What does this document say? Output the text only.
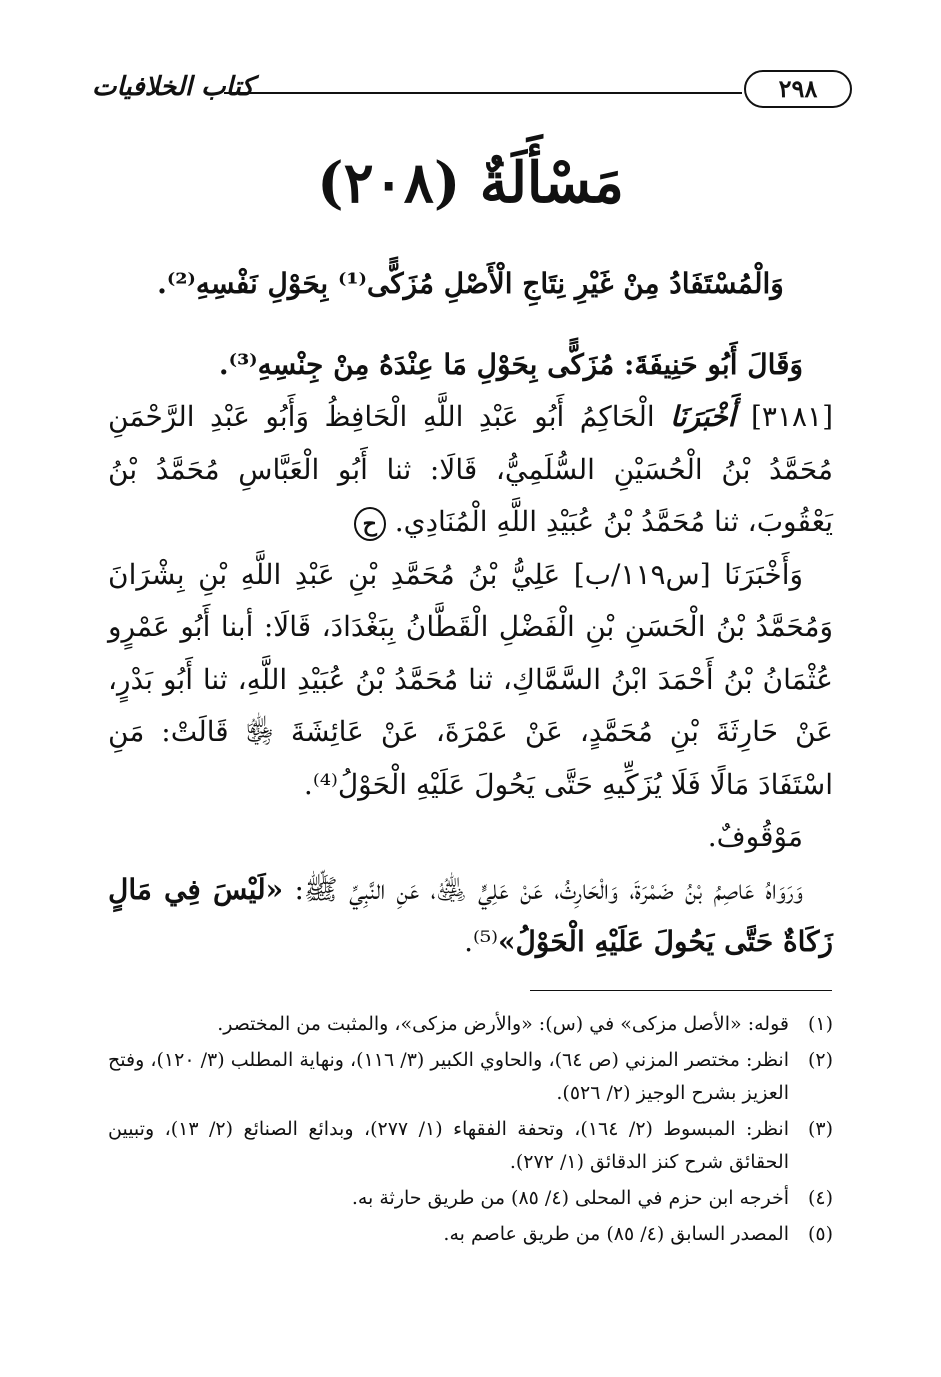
كتاب الخلافيات	٢٩٨
مَسْأَلَةٌ (٢٠٨)

وَالْمُسْتَفَادُ مِنْ غَيْرِ نِتَاجِ الْأَصْلِ مُزَكًّى⁽¹⁾ بِحَوْلِ نَفْسِهِ⁽²⁾.

وَقَالَ أَبُو حَنِيفَةَ: مُزَكًّى بِحَوْلِ مَا عِنْدَهُ مِنْ جِنْسِهِ⁽³⁾.

[٣١٨١] أَخْبَرَنَا الْحَاكِمُ أَبُو عَبْدِ اللَّهِ الْحَافِظُ وَأَبُو عَبْدِ الرَّحْمَنِ مُحَمَّدُ بْنُ الْحُسَيْنِ السُّلَمِيُّ، قَالَا: ثنا أَبُو الْعَبَّاسِ مُحَمَّدُ بْنُ يَعْقُوبَ، ثنا مُحَمَّدُ بْنُ عُبَيْدِ اللَّهِ الْمُنَادِي. ح

وَأَخْبَرَنَا [س١١٩/ب] عَلِيُّ بْنُ مُحَمَّدِ بْنِ عَبْدِ اللَّهِ بْنِ بِشْرَانَ وَمُحَمَّدُ بْنُ الْحَسَنِ بْنِ الْفَضْلِ الْقَطَّانُ بِبَغْدَادَ، قَالَا: أبنا أَبُو عَمْرٍو عُثْمَانُ بْنُ أَحْمَدَ ابْنُ السَّمَّاكِ، ثنا مُحَمَّدُ بْنُ عُبَيْدِ اللَّهِ، ثنا أَبُو بَدْرٍ، عَنْ حَارِثَةَ بْنِ مُحَمَّدٍ، عَنْ عَمْرَةَ، عَنْ عَائِشَةَ ﵂ قَالَتْ: مَنِ اسْتَفَادَ مَالًا فَلَا يُزَكِّيهِ حَتَّى يَحُولَ عَلَيْهِ الْحَوْلُ⁽⁴⁾.

مَوْقُوفٌ.

وَرَوَاهُ عَاصِمُ بْنُ ضَمْرَةَ، وَالْحَارِثُ، عَنْ عَلِيٍّ ﵁، عَنِ النَّبِيِّ ﷺ: «لَيْسَ فِي مَالٍ زَكَاةٌ حَتَّى يَحُولَ عَلَيْهِ الْحَوْلُ»⁽⁵⁾.

(١)
قوله: «الأصل مزكى» في (س): «والأرض مزكى»، والمثبت من المختصر.
(٢)
انظر: مختصر المزني (ص ٦٤)، والحاوي الكبير (٣/ ١١٦)، ونهاية المطلب (٣/ ١٢٠)، وفتح العزيز بشرح الوجيز (٢/ ٥٢٦).
(٣)
انظر: المبسوط (٢/ ١٦٤)، وتحفة الفقهاء (١/ ٢٧٧)، وبدائع الصنائع (٢/ ١٣)، وتبيين الحقائق شرح كنز الدقائق (١/ ٢٧٢).
(٤)
أخرجه ابن حزم في المحلى (٤/ ٨٥) من طريق حارثة به.
(٥)
المصدر السابق (٤/ ٨٥) من طريق عاصم به.
